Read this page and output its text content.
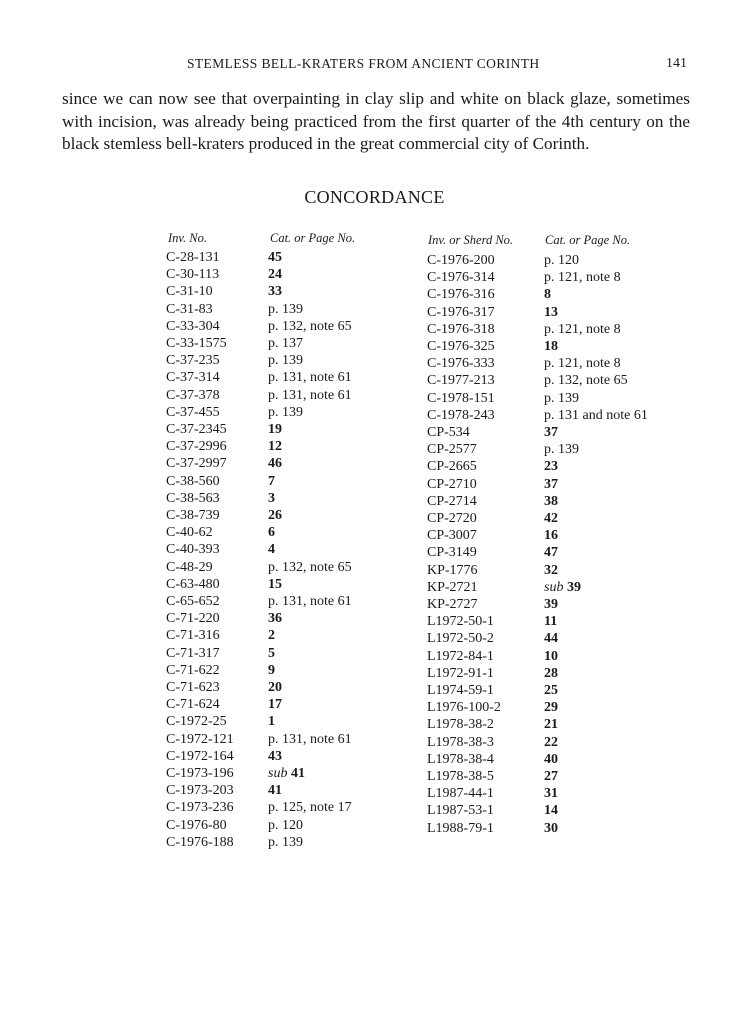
STEMLESS BELL-KRATERS FROM ANCIENT CORINTH	141

since we can now see that overpainting in clay slip and white on black glaze, sometimes with incision, was already being practiced from the first quarter of the 4th century on the black stemless bell-kraters produced in the great commercial city of Corinth.

CONCORDANCE
Inv. No.	Cat. or Page No.	Inv. or Sherd No.	Cat. or Page No.
C-28-131	45
C-30-113	24
C-31-10	33
C-31-83	p. 139
C-33-304	p. 132, note 65
C-33-1575	p. 137
C-37-235	p. 139
C-37-314	p. 131, note 61
C-37-378	p. 131, note 61
C-37-455	p. 139
C-37-2345	19
C-37-2996	12
C-37-2997	46
C-38-560	7
C-38-563	3
C-38-739	26
C-40-62	6
C-40-393	4
C-48-29	p. 132, note 65
C-63-480	15
C-65-652	p. 131, note 61
C-71-220	36
C-71-316	2
C-71-317	5
C-71-622	9
C-71-623	20
C-71-624	17
C-1972-25	1
C-1972-121 p. 131, note 61
C-1972-164 43
C-1973-196 sub 41
C-1973-203 41
C-1973-236 p. 125, note 17
C-1976-80	p. 120
C-1976-188 p. 139
C-1976-200	p. 120
C-1976-314	p. 121, note 8
C-1976-316	8
C-1976-317	13
C-1976-318	p. 121, note 8
C-1976-325	18
C-1976-333	p. 121, note 8
C-1977-213	p. 132, note 65
C-1978-151	p. 139
C-1978-243	p. 131 and note 61
CP-534	37
CP-2577	p. 139
CP-2665	23
CP-2710	37
CP-2714	38
CP-2720	42
CP-3007	16
CP-3149	47
KP-1776	32
KP-2721	sub 39
KP-2727	39
L1972-50-1	11
L1972-50-2	44
L1972-84-1	10
L1972-91-1	28
L1974-59-1	25
L1976-100-2	29
L1978-38-2	21
L1978-38-3	22
L1978-38-4	40
L1978-38-5	27
L1987-44-1	31
L1987-53-1	14
L1988-79-1	30
